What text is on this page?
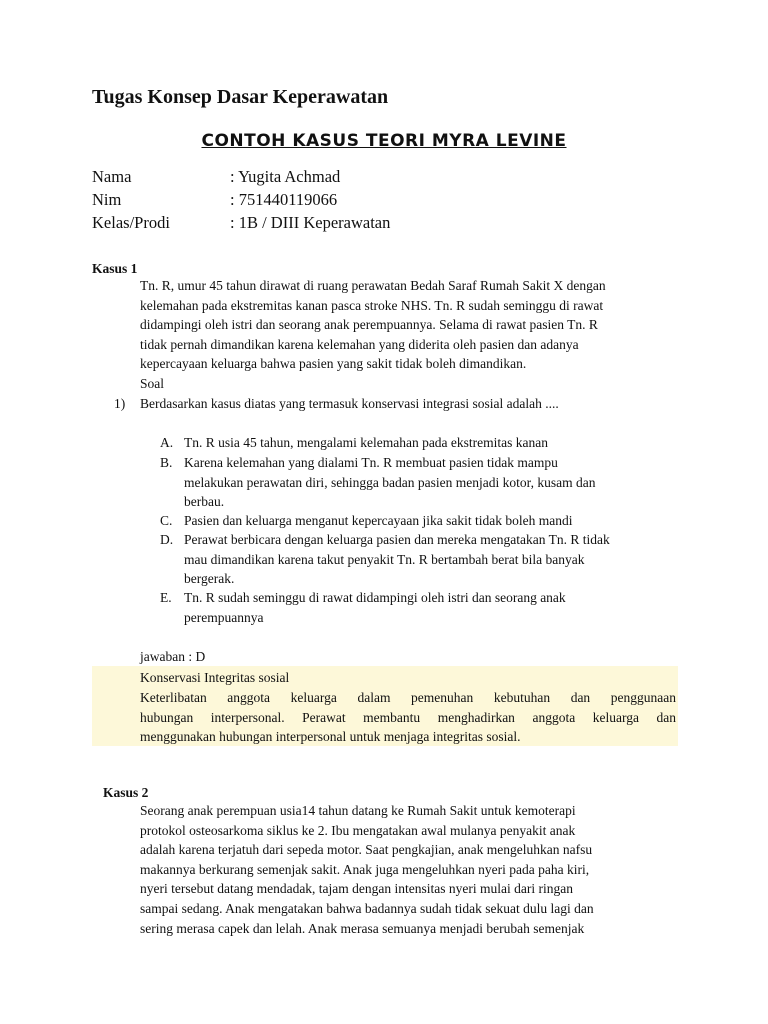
Tugas Konsep Dasar Keperawatan
CONTOH KASUS TEORI MYRA LEVINE
Nama	: Yugita Achmad
Nim	: 751440119066
Kelas/Prodi	: 1B / DIII Keperawatan
Kasus 1
Tn. R, umur 45 tahun dirawat di ruang perawatan Bedah Saraf Rumah Sakit X dengan
kelemahan pada ekstremitas kanan pasca stroke NHS. Tn. R sudah seminggu di rawat
didampingi oleh istri dan seorang anak perempuannya. Selama di rawat pasien Tn. R
tidak pernah dimandikan karena kelemahan yang diderita oleh pasien dan adanya
kepercayaan keluarga bahwa pasien yang sakit tidak boleh dimandikan.
Soal
1) Berdasarkan kasus diatas yang termasuk konservasi integrasi sosial adalah ....
A. Tn. R usia 45 tahun, mengalami kelemahan pada ekstremitas kanan
B. Karena kelemahan yang dialami Tn. R membuat pasien tidak mampu
melakukan perawatan diri, sehingga badan pasien menjadi kotor, kusam dan
berbau.
C. Pasien dan keluarga menganut kepercayaan jika sakit tidak boleh mandi
D. Perawat berbicara dengan keluarga pasien dan mereka mengatakan Tn. R tidak
mau dimandikan karena takut penyakit Tn. R bertambah berat bila banyak
bergerak.
E. Tn. R sudah seminggu di rawat didampingi oleh istri dan seorang anak
perempuannya
jawaban : D
Konservasi Integritas sosial
Keterlibatan anggota keluarga dalam pemenuhan kebutuhan dan penggunaan
hubungan interpersonal. Perawat membantu menghadirkan anggota keluarga dan
menggunakan hubungan interpersonal untuk menjaga integritas sosial.
Kasus 2
Seorang anak perempuan usia14 tahun datang ke Rumah Sakit untuk kemoterapi
protokol osteosarkoma siklus ke 2. Ibu mengatakan awal mulanya penyakit anak
adalah karena terjatuh dari sepeda motor. Saat pengkajian, anak mengeluhkan nafsu
makannya berkurang semenjak sakit. Anak juga mengeluhkan nyeri pada paha kiri,
nyeri tersebut datang mendadak, tajam dengan intensitas nyeri mulai dari ringan
sampai sedang. Anak mengatakan bahwa badannya sudah tidak sekuat dulu lagi dan
sering merasa capek dan lelah. Anak merasa semuanya menjadi berubah semenjak
